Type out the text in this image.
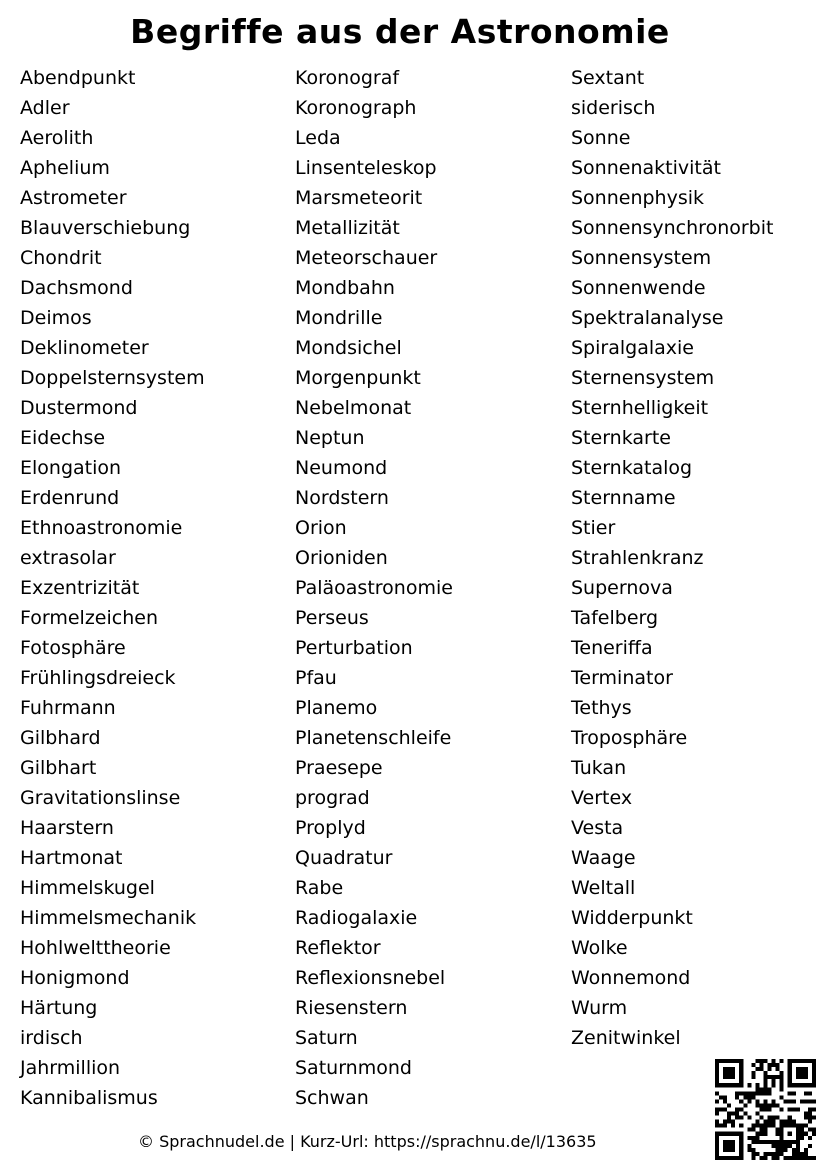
Begriffe aus der Astronomie
Abendpunkt
Adler
Aerolith
Aphelium
Astrometer
Blauverschiebung
Chondrit
Dachsmond
Deimos
Deklinometer
Doppelsternsystem
Dustermond
Eidechse
Elongation
Erdenrund
Ethnoastronomie
extrasolar
Exzentrizität
Formelzeichen
Fotosphäre
Frühlingsdreieck
Fuhrmann
Gilbhard
Gilbhart
Gravitationslinse
Haarstern
Hartmonat
Himmelskugel
Himmelsmechanik
Hohlwelttheorie
Honigmond
Härtung
irdisch
Jahrmillion
Kannibalismus
Koronograf
Koronograph
Leda
Linsenteleskop
Marsmeteorit
Metallizität
Meteorschauer
Mondbahn
Mondrille
Mondsichel
Morgenpunkt
Nebelmonat
Neptun
Neumond
Nordstern
Orion
Orioniden
Paläoastronomie
Perseus
Perturbation
Pfau
Planemo
Planetenschleife
Praesepe
prograd
Proplyd
Quadratur
Rabe
Radiogalaxie
Reflektor
Reflexionsnebel
Riesenstern
Saturn
Saturnmond
Schwan
Sextant
siderisch
Sonne
Sonnenaktivität
Sonnenphysik
Sonnensynchronorbit
Sonnensystem
Sonnenwende
Spektralanalyse
Spiralgalaxie
Sternensystem
Sternhelligkeit
Sternkarte
Sternkatalog
Sternname
Stier
Strahlenkranz
Supernova
Tafelberg
Teneriffa
Terminator
Tethys
Troposphäre
Tukan
Vertex
Vesta
Waage
Weltall
Widderpunkt
Wolke
Wonnemond
Wurm
Zenitwinkel
© Sprachnudel.de | Kurz-Url: https://sprachnu.de/l/13635
